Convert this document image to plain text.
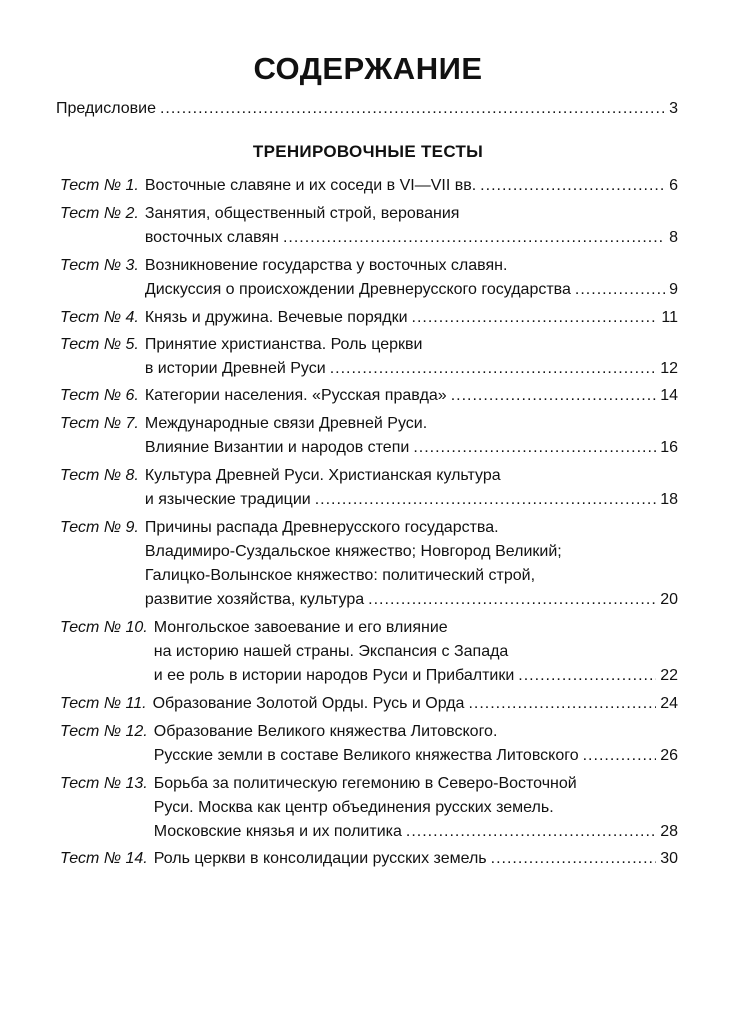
СОДЕРЖАНИЕ
Предисловие .....	3
ТРЕНИРОВОЧНЫЕ ТЕСТЫ
Тест № 1. Восточные славяне и их соседи в VI—VII вв. .....	6
Тест № 2. Занятия, общественный строй, верования
восточных славян .....	8
Тест № 3. Возникновение государства у восточных славян.
Дискуссия о происхождении Древнерусского государства .....	9
Тест № 4. Князь и дружина. Вечевые порядки .....	11
Тест № 5. Принятие христианства. Роль церкви
в истории Древней Руси .....	12
Тест № 6. Категории населения. «Русская правда» .....	14
Тест № 7. Международные связи Древней Руси.
Влияние Византии и народов степи .....	16
Тест № 8. Культура Древней Руси. Христианская культура
и языческие традиции .....	18
Тест № 9. Причины распада Древнерусского государства.
Владимиро-Суздальское княжество; Новгород Великий;
Галицко-Волынское княжество: политический строй,
развитие хозяйства, культура .....	20
Тест № 10. Монгольское завоевание и его влияние
на историю нашей страны. Экспансия с Запада
и ее роль в истории народов Руси и Прибалтики .....	22
Тест № 11. Образование Золотой Орды. Русь и Орда .....	24
Тест № 12. Образование Великого княжества Литовского.
Русские земли в составе Великого княжества Литовского .....	26
Тест № 13. Борьба за политическую гегемонию в Северо-Восточной
Руси. Москва как центр объединения русских земель.
Московские князья и их политика .....	28
Тест № 14. Роль церкви в консолидации русских земель .....	30
